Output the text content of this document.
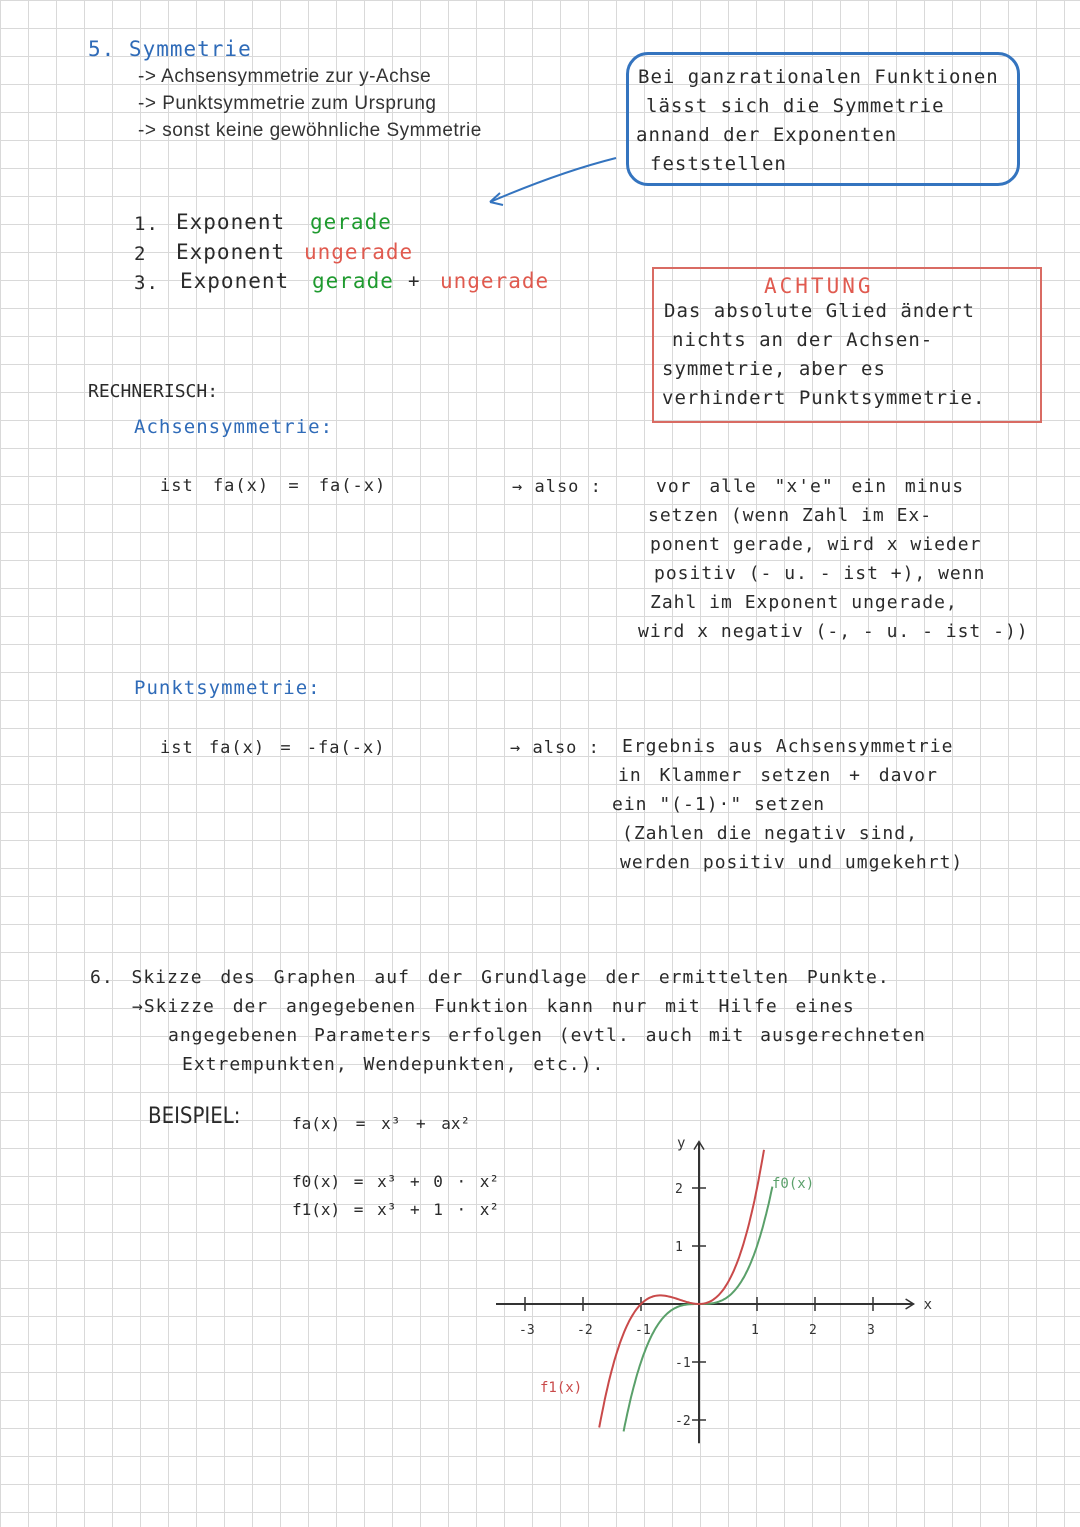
5. Symmetrie
-> Achsensymmetrie zur y-Achse
-> Punktsymmetrie zum Ursprung
-> sonst keine gewöhnliche Symmetrie
Bei ganzrationalen Funktionen
lässt sich die Symmetrie
annand der Exponenten
feststellen
1. Exponent gerade
2 Exponent ungerade
3. Exponent gerade + ungerade	ACHTUNG
Das absolute Glied ändert
nichts an der Achsen-
symmetrie, aber es
verhindert Punktsymmetrie.
RECHNERISCH:
Achsensymmetrie:
ist fa(x) = fa(-x)	→ also :	vor alle "x'e" ein minus
setzen (wenn Zahl im Ex-
ponent gerade, wird x wieder
positiv (- u. - ist +), wenn
Zahl im Exponent ungerade,
wird x negativ (-, - u. - ist -))
Punktsymmetrie:
ist fa(x) = -fa(-x)	→ also : Ergebnis aus Achsensymmetrie
in Klammer setzen + davor
ein "(-1)·" setzen
(Zahlen die negativ sind,
werden positiv und umgekehrt)
6. Skizze des Graphen auf der Grundlage der ermittelten Punkte.
→Skizze der angegebenen Funktion kann nur mit Hilfe eines
angegebenen Parameters erfolgen (evtl. auch mit ausgerechneten
Extrempunkten, Wendepunkten, etc.).
BEISPIEL:	fa(x) = x³ + ax²
f0(x) = x³ + 0 · x²
f1(x) = x³ + 1 · x²
x
y
-3	-2	-1	1	2	3
-2
-1
1
2	f0(x)
f1(x)
